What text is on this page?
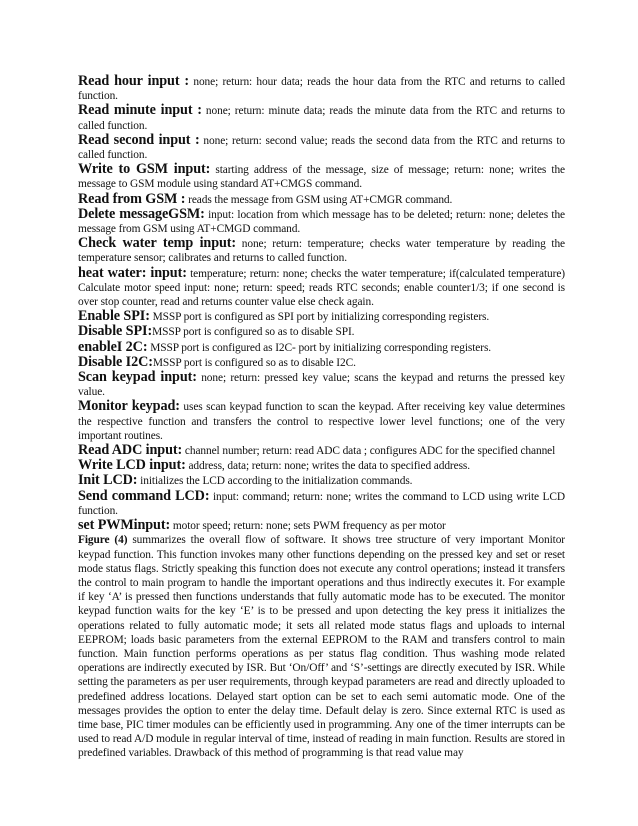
Read hour input : none; return: hour data; reads the hour data from the RTC and returns to called function.

Read minute input : none; return: minute data; reads the minute data from the RTC and returns to called function.

Read second input : none; return: second value; reads the second data from the RTC and returns to called function.

Write to GSM input: starting address of the message, size of message; return: none; writes the message to GSM module using standard AT+CMGS command.

Read from GSM : reads the message from GSM using AT+CMGR command.

Delete messageGSM: input: location from which message has to be deleted; return: none; deletes the message from GSM using AT+CMGD command.

Check water temp input: none; return: temperature; checks water temperature by reading the temperature sensor; calibrates and returns to called function.

heat water: input: temperature; return: none; checks the water temperature; if(calculated temperature) Calculate motor speed input: none; return: speed; reads RTC seconds; enable counter1/3; if one second is over stop counter, read and returns counter value else check again.

Enable SPI: MSSP port is configured as SPI port by initializing corresponding registers.

Disable SPI:MSSP port is configured so as to disable SPI.

enableI 2C: MSSP port is configured as I2C- port by initializing corresponding registers.

Disable I2C:MSSP port is configured so as to disable I2C.

Scan keypad input: none; return: pressed key value; scans the keypad and returns the pressed key value.

Monitor keypad: uses scan keypad function to scan the keypad. After receiving key value determines the respective function and transfers the control to respective lower level functions; one of the very important routines.

Read ADC input: channel number; return: read ADC data ; configures ADC for the specified channel

Write LCD input: address, data; return: none; writes the data to specified address.

Init LCD: initializes the LCD according to the initialization commands.

Send command LCD: input: command; return: none; writes the command to LCD using write LCD function.

set PWMinput: motor speed; return: none; sets PWM frequency as per motor

Figure (4) summarizes the overall flow of software. It shows tree structure of very important Monitor keypad function. This function invokes many other functions depending on the pressed key and set or reset mode status flags. Strictly speaking this function does not execute any control operations; instead it transfers the control to main program to handle the important operations and thus indirectly executes it. For example if key ‘A’ is pressed then functions understands that fully automatic mode has to be executed. The monitor keypad function waits for the key ‘E’ is to be pressed and upon detecting the key press it initializes the operations related to fully automatic mode; it sets all related mode status flags and uploads to internal EEPROM; loads basic parameters from the external EEPROM to the RAM and transfers control to main function. Main function performs operations as per status flag condition. Thus washing mode related operations are indirectly executed by ISR. But ‘On/Off’ and ‘S’-settings are directly executed by ISR. While setting the parameters as per user requirements, through keypad parameters are read and directly uploaded to predefined address locations. Delayed start option can be set to each semi automatic mode. One of the messages provides the option to enter the delay time. Default delay is zero. Since external RTC is used as time base, PIC timer modules can be efficiently used in programming. Any one of the timer interrupts can be used to read A/D module in regular interval of time, instead of reading in main function. Results are stored in predefined variables. Drawback of this method of programming is that read value may
